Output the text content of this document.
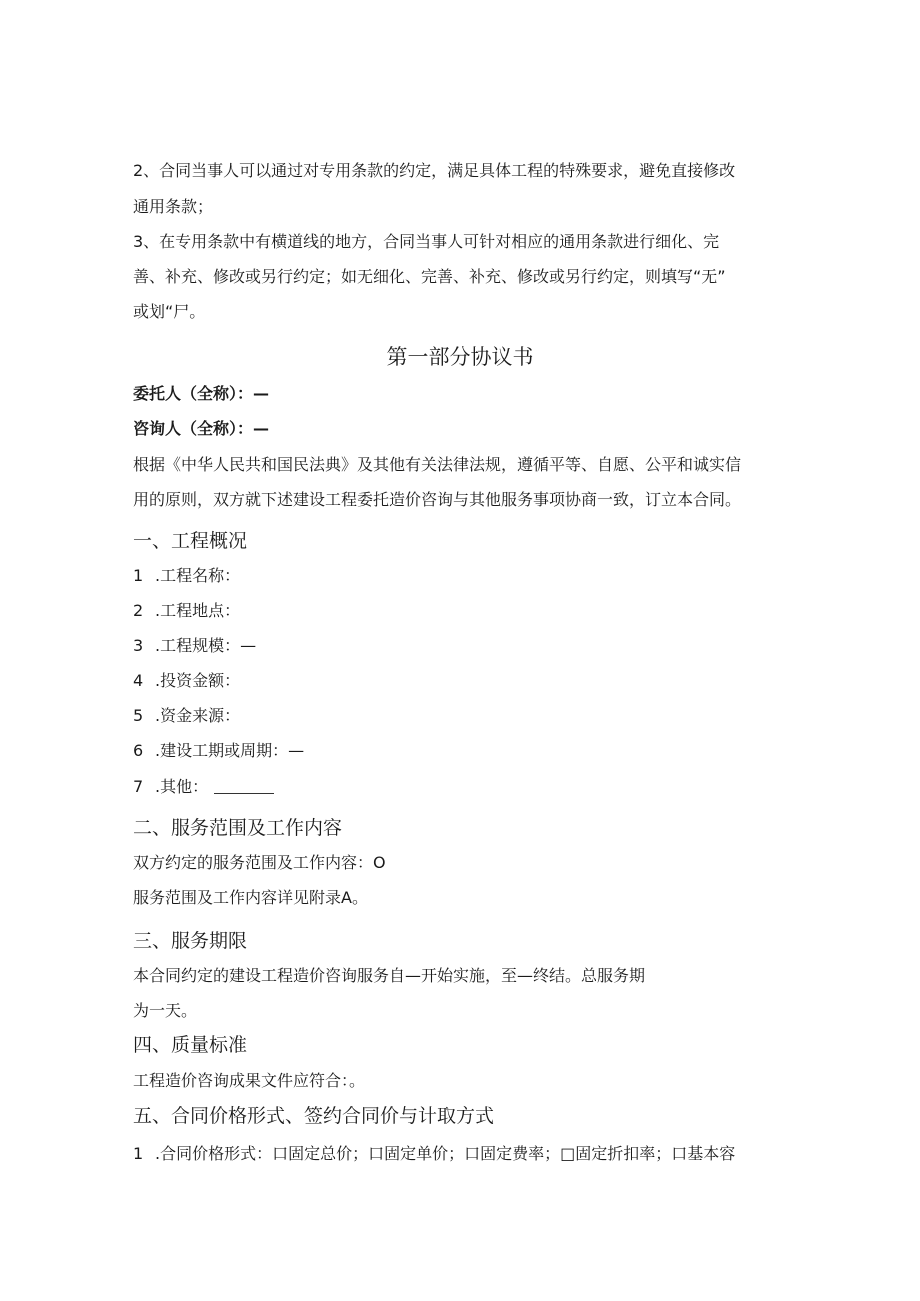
2、合同当事人可以通过对专用条款的约定，满足具体工程的特殊要求，避免直接修改
通用条款；
3、在专用条款中有横道线的地方，合同当事人可针对相应的通用条款进行细化、完
善、补充、修改或另行约定；如无细化、完善、补充、修改或另行约定，则填写“无”
或划“尸。
第一部分协议书
委托人（全称）：—
咨询人（全称）：—
根据《中华人民共和国民法典》及其他有关法律法规，遵循平等、自愿、公平和诚实信
用的原则，双方就下述建设工程委托造价咨询与其他服务事项协商一致，订立本合同。
一、工程概况
1 .工程名称：
2 .工程地点：
3 .工程规模：—
4 .投资金额：
5 .资金来源：
6 .建设工期或周期：—
7 .其他：
二、服务范围及工作内容
双方约定的服务范围及工作内容：O
服务范围及工作内容详见附录A。
三、服务期限
本合同约定的建设工程造价咨询服务自—开始实施，至—终结。总服务期
为一天。
四、质量标准
工程造价咨询成果文件应符合：。
五、合同价格形式、签约合同价与计取方式
1 .合同价格形式：口固定总价；口固定单价；口固定费率；□固定折扣率；口基本容
